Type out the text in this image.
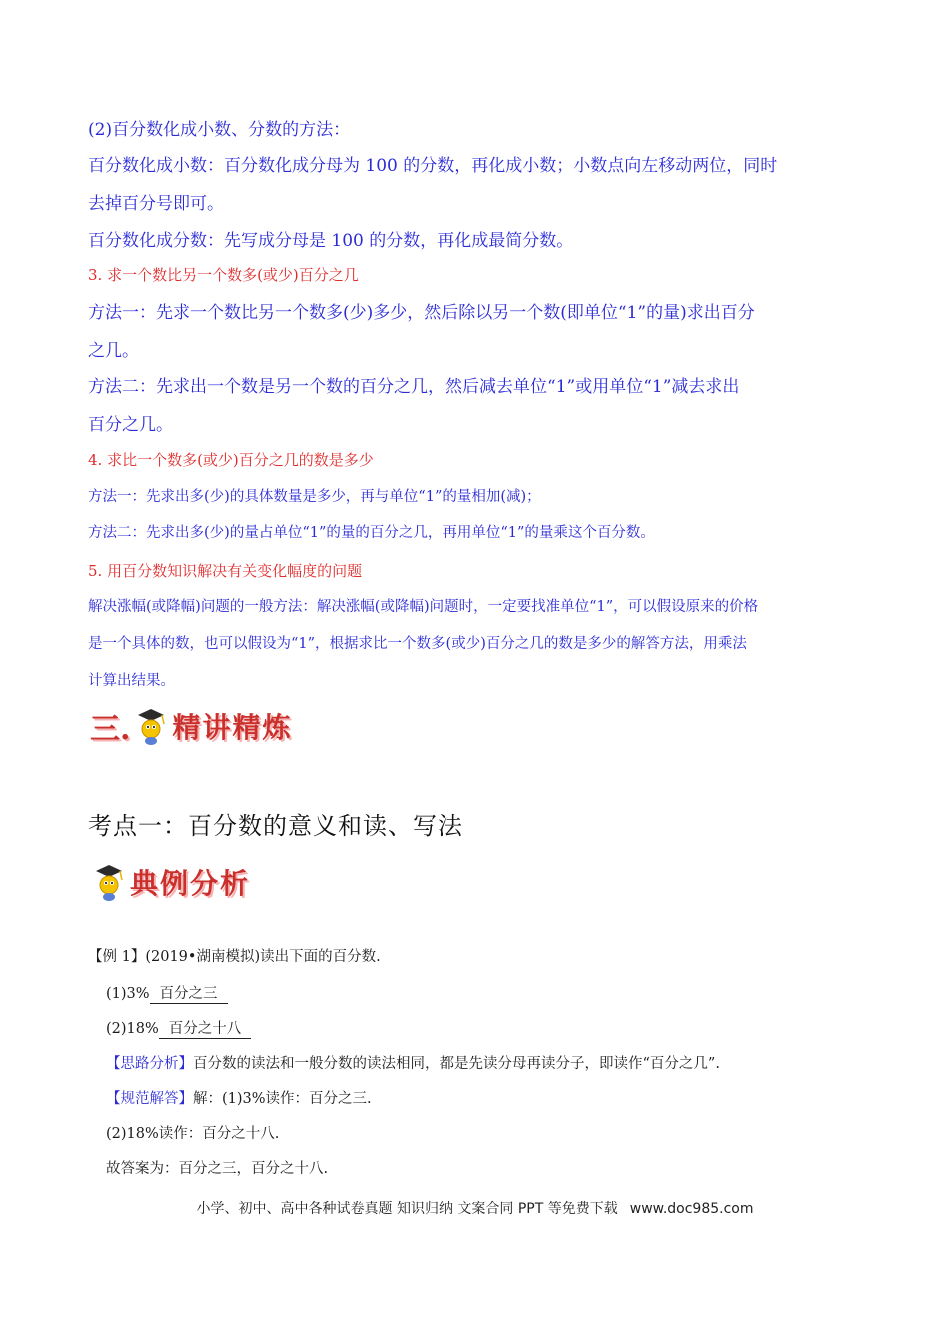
(2)百分数化成小数、分数的方法：
百分数化成小数：百分数化成分母为 100 的分数，再化成小数；小数点向左移动两位，同时
去掉百分号即可。
百分数化成分数：先写成分母是 100 的分数，再化成最简分数。
3. 求一个数比另一个数多(或少)百分之几
方法一：先求一个数比另一个数多(少)多少，然后除以另一个数(即单位“1”的量)求出百分
之几。
方法二：先求出一个数是另一个数的百分之几，然后减去单位“1”或用单位“1”减去求出
百分之几。
4. 求比一个数多(或少)百分之几的数是多少
方法一：先求出多(少)的具体数量是多少，再与单位“1”的量相加(减)；
方法二：先求出多(少)的量占单位“1”的量的百分之几，再用单位“1”的量乘这个百分数。
5. 用百分数知识解决有关变化幅度的问题
解决涨幅(或降幅)问题的一般方法：解决涨幅(或降幅)问题时，一定要找准单位“1”，可以假设原来的价格
是一个具体的数，也可以假设为“1”，根据求比一个数多(或少)百分之几的数是多少的解答方法，用乘法
计算出结果。
三. 精讲精炼
考点一：百分数的意义和读、写法
典例分析
【例 1】(2019•湖南模拟)读出下面的百分数.
(1)3% 百分之三
(2)18% 百分之十八
【思路分析】百分数的读法和一般分数的读法相同，都是先读分母再读分子，即读作“百分之几”.
【规范解答】解：(1)3%读作：百分之三.
(2)18%读作：百分之十八.
故答案为：百分之三，百分之十八.
小学、初中、高中各种试卷真题 知识归纳 文案合同 PPT 等免费下载 www.doc985.com
